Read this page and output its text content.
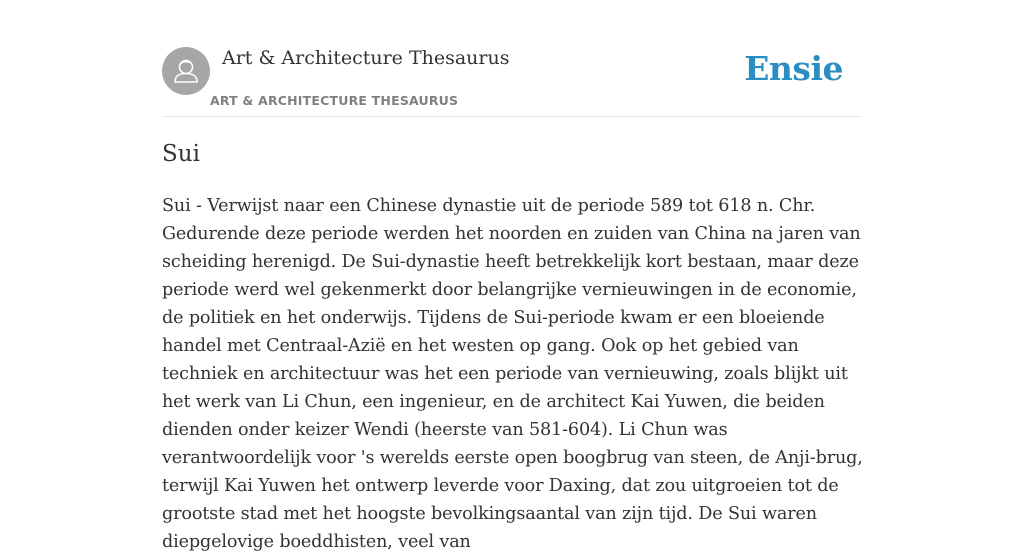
Art & Architecture Thesaurus
ART & ARCHITECTURE THESAURUS
Ensie
Sui

Sui - Verwijst naar een Chinese dynastie uit de periode 589 tot 618 n. Chr. Gedurende deze periode werden het noorden en zuiden van China na jaren van scheiding herenigd. De Sui-dynastie heeft betrekkelijk kort bestaan, maar deze periode werd wel gekenmerkt door belangrijke vernieuwingen in de economie, de politiek en het onderwijs. Tijdens de Sui-periode kwam er een bloeiende handel met Centraal-Azië en het westen op gang. Ook op het gebied van techniek en architectuur was het een periode van vernieuwing, zoals blijkt uit het werk van Li Chun, een ingenieur, en de architect Kai Yuwen, die beiden dienden onder keizer Wendi (heerste van 581-604). Li Chun was verantwoordelijk voor 's werelds eerste open boogbrug van steen, de Anji-brug, terwijl Kai Yuwen het ontwerp leverde voor Daxing, dat zou uitgroeien tot de grootste stad met het hoogste bevolkingsaantal van zijn tijd. De Sui waren diepgelovige boeddhisten, veel van
